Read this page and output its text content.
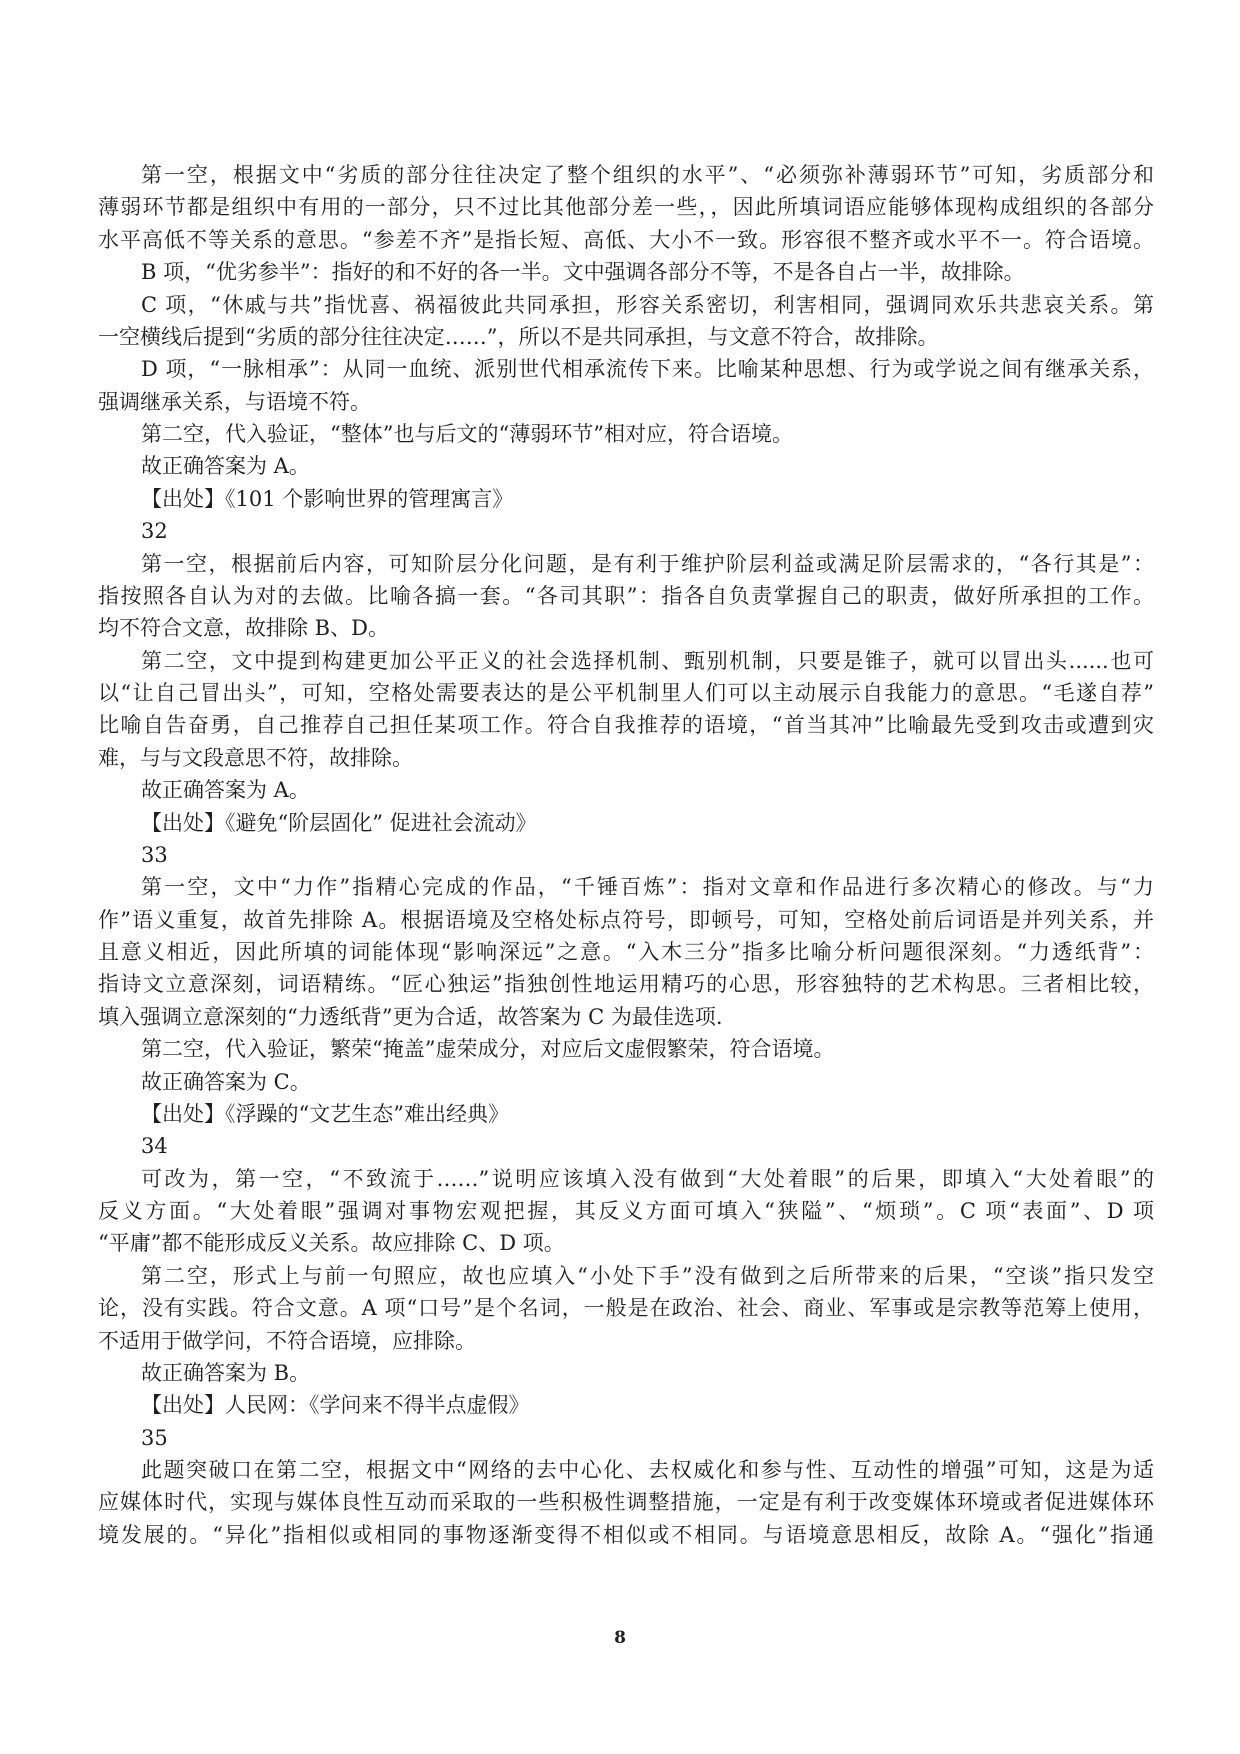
第一空，根据文中“劣质的部分往往决定了整个组织的水平”、“必须弥补薄弱环节”可知，劣质部分和
薄弱环节都是组织中有用的一部分，只不过比其他部分差一些，，因此所填词语应能够体现构成组织的各部分
水平高低不等关系的意思。“参差不齐”是指长短、高低、大小不一致。形容很不整齐或水平不一。符合语境。
B 项，“优劣参半”：指好的和不好的各一半。文中强调各部分不等，不是各自占一半，故排除。
C 项，“休戚与共”指忧喜、祸福彼此共同承担，形容关系密切，利害相同，强调同欢乐共悲哀关系。第
一空横线后提到“劣质的部分往往决定……”，所以不是共同承担，与文意不符合，故排除。
D 项，“一脉相承”：从同一血统、派别世代相承流传下来。比喻某种思想、行为或学说之间有继承关系，
强调继承关系，与语境不符。
第二空，代入验证，“整体”也与后文的“薄弱环节”相对应，符合语境。
故正确答案为 A。
【出处】《101 个影响世界的管理寓言》
32
第一空，根据前后内容，可知阶层分化问题，是有利于维护阶层利益或满足阶层需求的，“各行其是”：
指按照各自认为对的去做。比喻各搞一套。“各司其职”：指各自负责掌握自己的职责，做好所承担的工作。
均不符合文意，故排除 B、D。
第二空，文中提到构建更加公平正义的社会选择机制、甄别机制，只要是锥子，就可以冒出头......也可
以“让自己冒出头”，可知，空格处需要表达的是公平机制里人们可以主动展示自我能力的意思。“毛遂自荐”
比喻自告奋勇，自己推荐自己担任某项工作。符合自我推荐的语境，“首当其冲”比喻最先受到攻击或遭到灾
难，与与文段意思不符，故排除。
故正确答案为 A。
【出处】《避免“阶层固化” 促进社会流动》
33
第一空，文中“力作”指精心完成的作品，“千锤百炼”：指对文章和作品进行多次精心的修改。与“力
作”语义重复，故首先排除 A。根据语境及空格处标点符号，即顿号，可知，空格处前后词语是并列关系，并
且意义相近，因此所填的词能体现“影响深远”之意。“入木三分”指多比喻分析问题很深刻。“力透纸背”：
指诗文立意深刻，词语精练。“匠心独运”指独创性地运用精巧的心思，形容独特的艺术构思。三者相比较，
填入强调立意深刻的“力透纸背”更为合适，故答案为 C 为最佳选项.
第二空，代入验证，繁荣“掩盖”虚荣成分，对应后文虚假繁荣，符合语境。
故正确答案为 C。
【出处】《浮躁的“文艺生态”难出经典》
34
可改为，第一空，“不致流于……”说明应该填入没有做到“大处着眼”的后果，即填入“大处着眼”的
反义方面。“大处着眼”强调对事物宏观把握，其反义方面可填入“狭隘”、“烦琐”。C 项“表面”、D 项
“平庸”都不能形成反义关系。故应排除 C、D 项。
第二空，形式上与前一句照应，故也应填入“小处下手”没有做到之后所带来的后果，“空谈”指只发空
论，没有实践。符合文意。A 项“口号”是个名词，一般是在政治、社会、商业、军事或是宗教等范筹上使用，
不适用于做学问，不符合语境，应排除。
故正确答案为 B。
【出处】人民网：《学问来不得半点虚假》
35
此题突破口在第二空，根据文中“网络的去中心化、去权威化和参与性、互动性的增强”可知，这是为适
应媒体时代，实现与媒体良性互动而采取的一些积极性调整措施，一定是有利于改变媒体环境或者促进媒体环
境发展的。“异化”指相似或相同的事物逐渐变得不相似或不相同。与语境意思相反，故除 A。“强化”指通
8
